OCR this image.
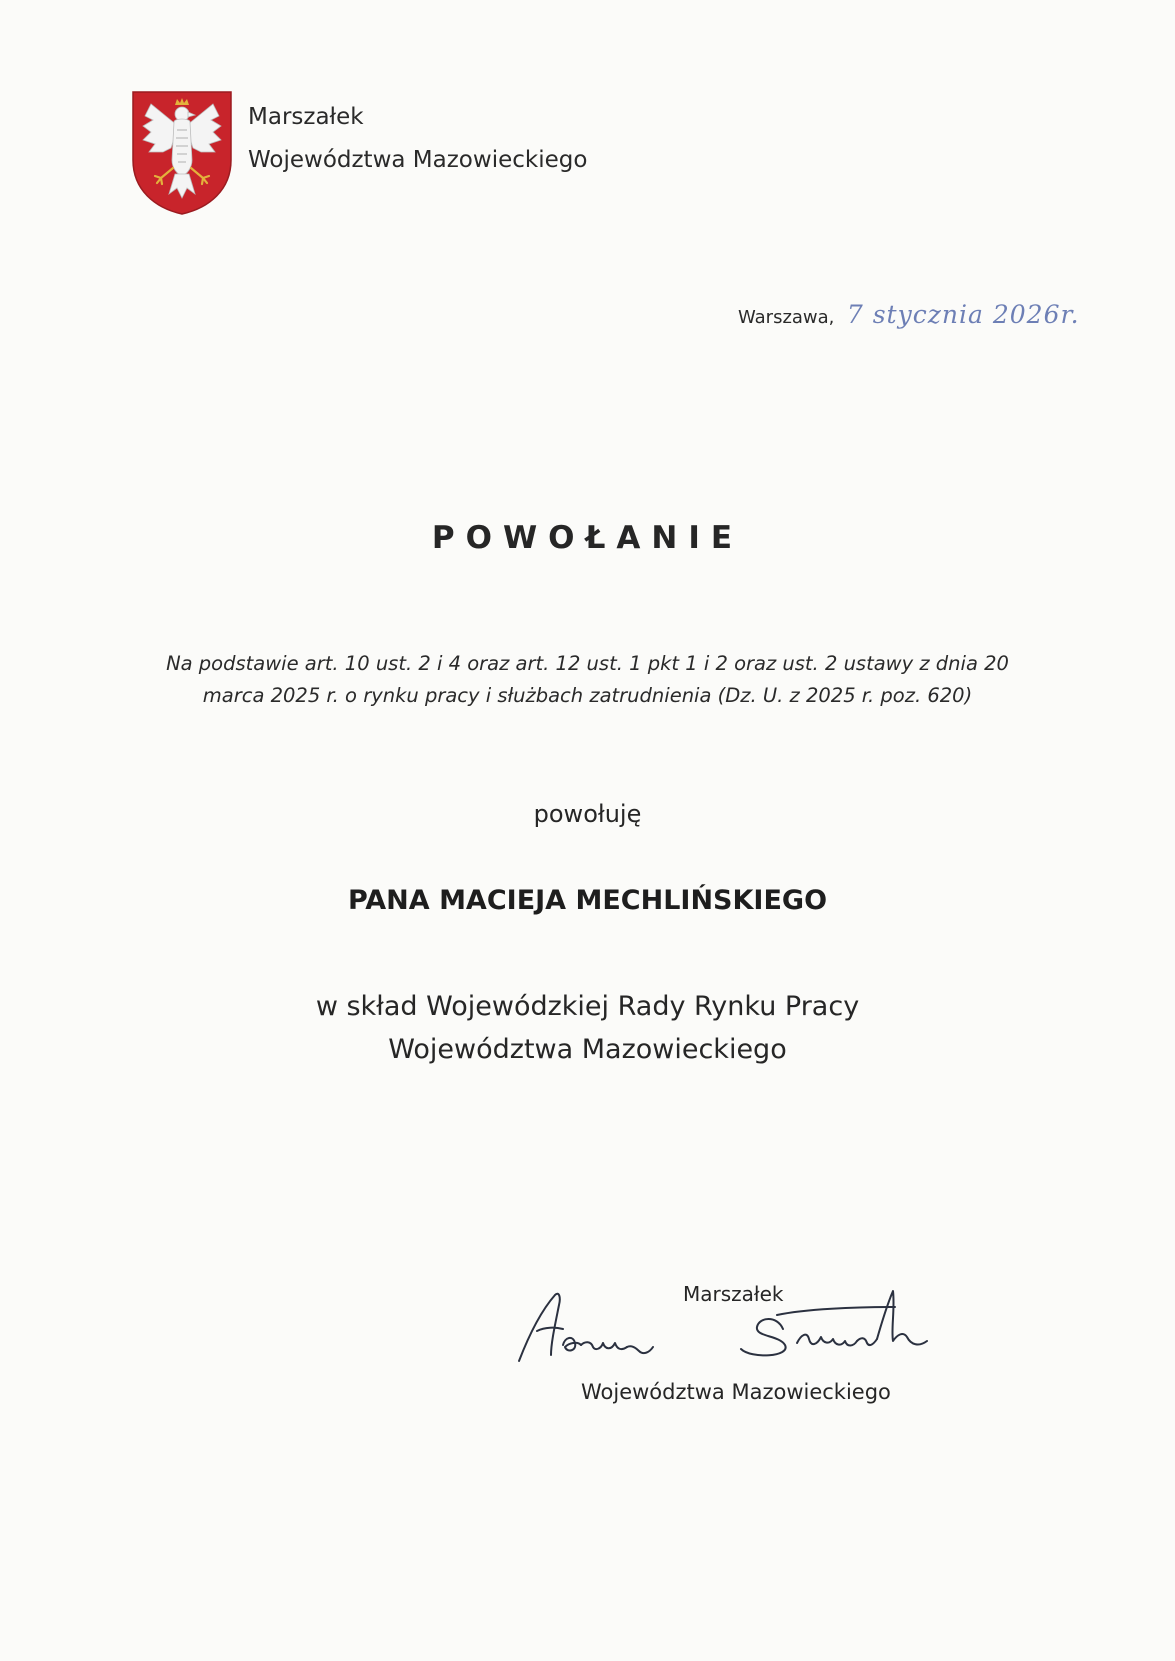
Marszałek
Województwa Mazowieckiego
Warszawa, 7 stycznia 2026r.
POWOŁANIE
Na podstawie art. 10 ust. 2 i 4 oraz art. 12 ust. 1 pkt 1 i 2 oraz ust. 2 ustawy z dnia 20
marca 2025 r. o rynku pracy i służbach zatrudnienia (Dz. U. z 2025 r. poz. 620)
powołuję
PANA MACIEJA MECHLIŃSKIEGO
w skład Wojewódzkiej Rady Rynku Pracy
Województwa Mazowieckiego
Marszałek
Województwa Mazowieckiego
